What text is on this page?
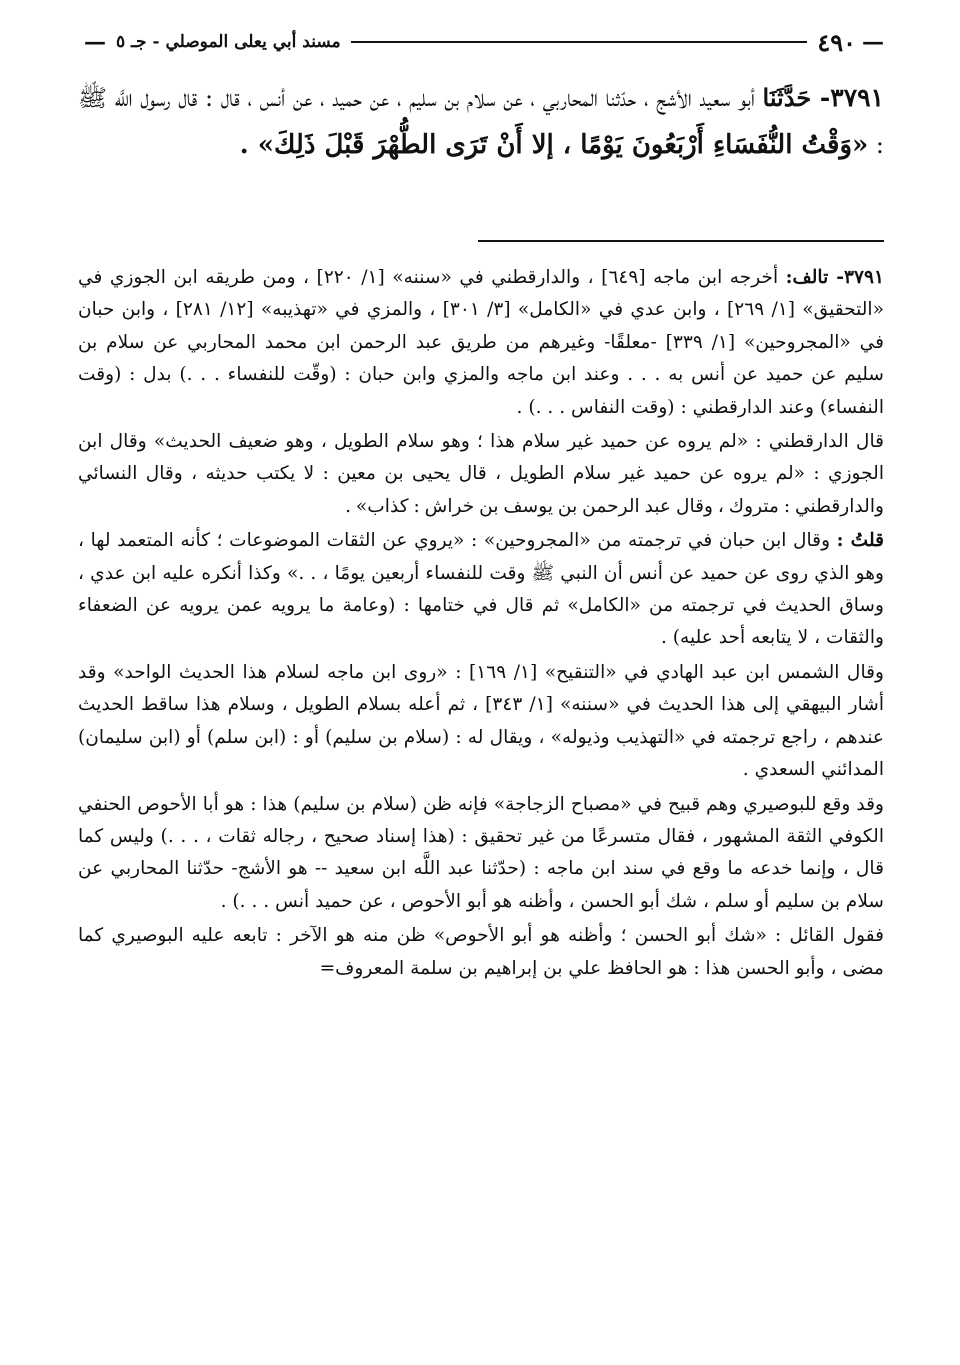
—
٤٩٠
مسند أبي يعلى الموصلي - جـ ٥
—
٣٧٩١- حَدَّثَنَا أبو سعيد الأشج ، حدّثنا المحاربي ، عن سلام بن سليم ، عن حميد ، عن أنس ، قال : قال رسول اللَّه ﷺ : «وَقْتُ النُّفَسَاءِ أَرْبَعُونَ يَوْمًا ، إلا أَنْ تَرَى الطُّهْرَ قَبْلَ ذَلِكَ» .

٣٧٩١- تالف: أخرجه ابن ماجه [٦٤٩] ، والدارقطني في «سننه» [١/ ٢٢٠] ، ومن طريقه ابن الجوزي في «التحقيق» [١/ ٢٦٩] ، وابن عدي في «الكامل» [٣/ ٣٠١] ، والمزي في «تهذيبه» [١٢/ ٢٨١] ، وابن حبان في «المجروحين» [١/ ٣٣٩] -معلقًا- وغيرهم من طريق عبد الرحمن ابن محمد المحاربي عن سلام بن سليم عن حميد عن أنس به . . . وعند ابن ماجه والمزي وابن حبان : (وقّت للنفساء . . .) بدل : (وقت النفساء) وعند الدارقطني : (وقت النفاس . . .) .

قال الدارقطني : «لم يروه عن حميد غير سلام هذا ؛ وهو سلام الطويل ، وهو ضعيف الحديث» وقال ابن الجوزي : «لم يروه عن حميد غير سلام الطويل ، قال يحيى بن معين : لا يكتب حديثه ، وقال النسائي والدارقطني : متروك ، وقال عبد الرحمن بن يوسف بن خراش : كذاب» .

قلتُ : وقال ابن حبان في ترجمته من «المجروحين» : «يروي عن الثقات الموضوعات ؛ كأنه المتعمد لها ، وهو الذي روى عن حميد عن أنس أن النبي ﷺ وقت للنفساء أربعين يومًا ، . .» وكذا أنكره عليه ابن عدي ، وساق الحديث في ترجمته من «الكامل» ثم قال في ختامها : (وعامة ما يرويه عمن يرويه عن الضعفاء والثقات ، لا يتابعه أحد عليه) .

وقال الشمس ابن عبد الهادي في «التنقيح» [١/ ١٦٩] : «روى ابن ماجه لسلام هذا الحديث الواحد» وقد أشار البيهقي إلى هذا الحديث في «سننه» [١/ ٣٤٣] ، ثم أعله بسلام الطويل ، وسلام هذا ساقط الحديث عندهم ، راجع ترجمته في «التهذيب وذيوله» ، ويقال له : (سلام بن سليم) أو : (ابن سلم) أو (ابن سليمان) المدائني السعدي .

وقد وقع للبوصيري وهم قبيح في «مصباح الزجاجة» فإنه ظن (سلام بن سليم) هذا : هو أبا الأحوص الحنفي الكوفي الثقة المشهور ، فقال متسرعًا من غير تحقيق : (هذا إسناد صحيح ، رجاله ثقات ، . . .) وليس كما قال ، وإنما خدعه ما وقع في سند ابن ماجه : (حدّثنا عبد اللَّه ابن سعيد -- هو الأشج- حدّثنا المحاربي عن سلام بن سليم أو سلم ، شك أبو الحسن ، وأظنه هو أبو الأحوص ، عن حميد أنس . . .) .

فقول القائل : «شك أبو الحسن ؛ وأظنه هو أبو الأحوص» ظن منه هو الآخر : تابعه عليه البوصيري كما مضى ، وأبو الحسن هذا : هو الحافظ علي بن إبراهيم بن سلمة المعروف=
